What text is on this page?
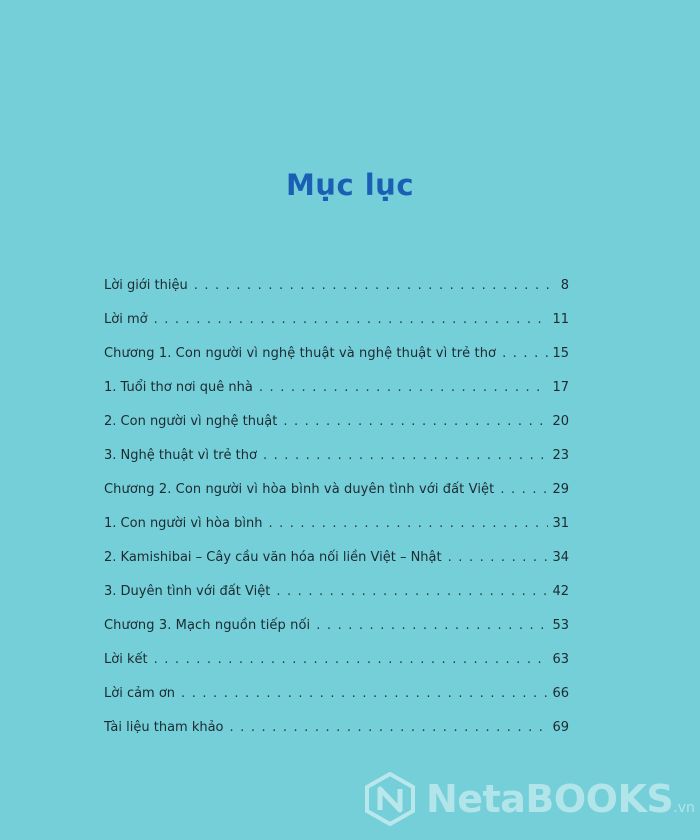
Mục lục
Lời giới thiệu . . .	8
Lời mở . . .	11
Chương 1. Con người vì nghệ thuật và nghệ thuật vì trẻ thơ . . .	15
1. Tuổi thơ nơi quê nhà . . .	17
2. Con người vì nghệ thuật . . .	20
3. Nghệ thuật vì trẻ thơ . . .	23
Chương 2. Con người vì hòa bình và duyên tình với đất Việt . . .	29
1. Con người vì hòa bình . . .	31
2. Kamishibai – Cây cầu văn hóa nối liền Việt – Nhật . . .	34
3. Duyên tình với đất Việt . . .	42
Chương 3. Mạch nguồn tiếp nối . . .	53
Lời kết . . .	63
Lời cảm ơn . . .	66
Tài liệu tham khảo . . .	69
NetaBOOKS.vn
